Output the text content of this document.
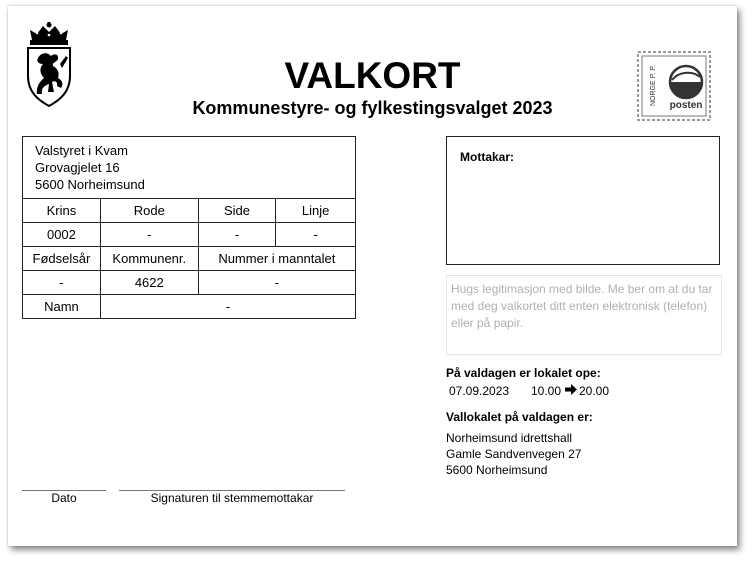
VALKORT
Kommunestyre- og fylkestingsvalget 2023
NORGE P. P. posten
Valstyret i Kvam
Grovagjelet 16
5600 Norheimsund			

Krins	Rode	Side	Linje
0002	-	-	-
Fødselsår	Kommunenr.	Nummer i manntalet	
-	4622	-	
Namn	-		
Mottakar:
Hugs legitimasjon med bilde. Me ber om at du tar med deg valkortet ditt enten elektronisk (telefon) eller på papir.
På valdagen er lokalet ope:
07.09.2023 10.00 20.00
Vallokalet på valdagen er:
Norheimsund idrettshall
Gamle Sandvenvegen 27
5600 Norheimsund
Dato	Signaturen til stemmemottakar
